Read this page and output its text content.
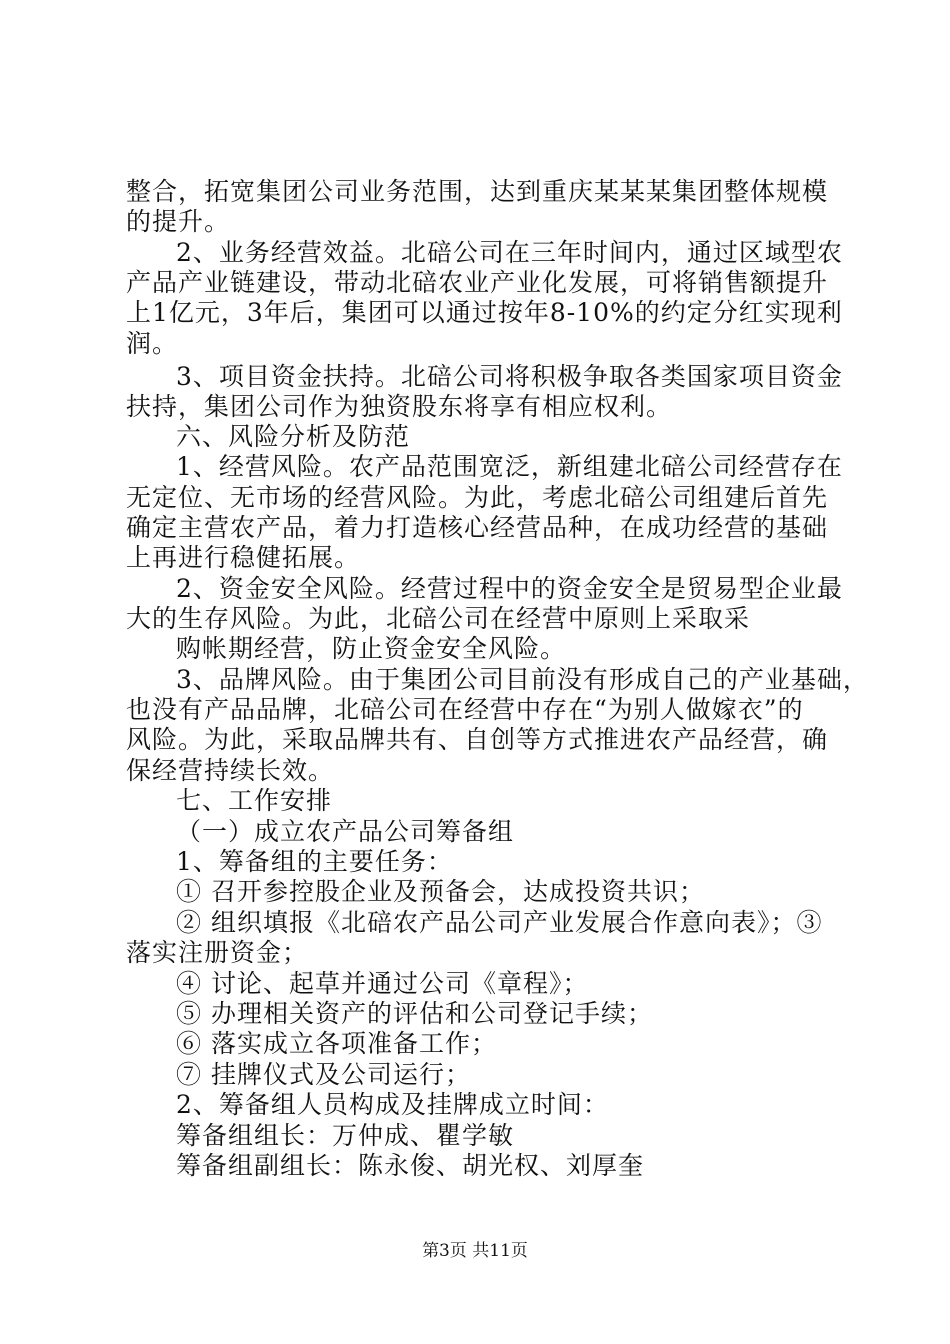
整合，拓宽集团公司业务范围，达到重庆某某某集团整体规模
的提升。
2、业务经营效益。北碚公司在三年时间内，通过区域型农
产品产业链建设，带动北碚农业产业化发展，可将销售额提升
上1亿元，3年后，集团可以通过按年8-10%的约定分红实现利
润。
3、项目资金扶持。北碚公司将积极争取各类国家项目资金
扶持，集团公司作为独资股东将享有相应权利。
六、风险分析及防范
1、经营风险。农产品范围宽泛，新组建北碚公司经营存在
无定位、无市场的经营风险。为此，考虑北碚公司组建后首先
确定主营农产品，着力打造核心经营品种，在成功经营的基础
上再进行稳健拓展。
2、资金安全风险。经营过程中的资金安全是贸易型企业最
大的生存风险。为此，北碚公司在经营中原则上采取采
购帐期经营，防止资金安全风险。
3、品牌风险。由于集团公司目前没有形成自己的产业基础，
也没有产品品牌，北碚公司在经营中存在“为别人做嫁衣”的
风险。为此，采取品牌共有、自创等方式推进农产品经营，确
保经营持续长效。
七、工作安排
（一）成立农产品公司筹备组
1、筹备组的主要任务：
① 召开参控股企业及预备会，达成投资共识；
② 组织填报《北碚农产品公司产业发展合作意向表》；③
落实注册资金；
④ 讨论、起草并通过公司《章程》；
⑤ 办理相关资产的评估和公司登记手续；
⑥ 落实成立各项准备工作；
⑦ 挂牌仪式及公司运行；
2、筹备组人员构成及挂牌成立时间：
筹备组组长：万仲成、瞿学敏
筹备组副组长：陈永俊、胡光权、刘厚奎
第3页 共11页
